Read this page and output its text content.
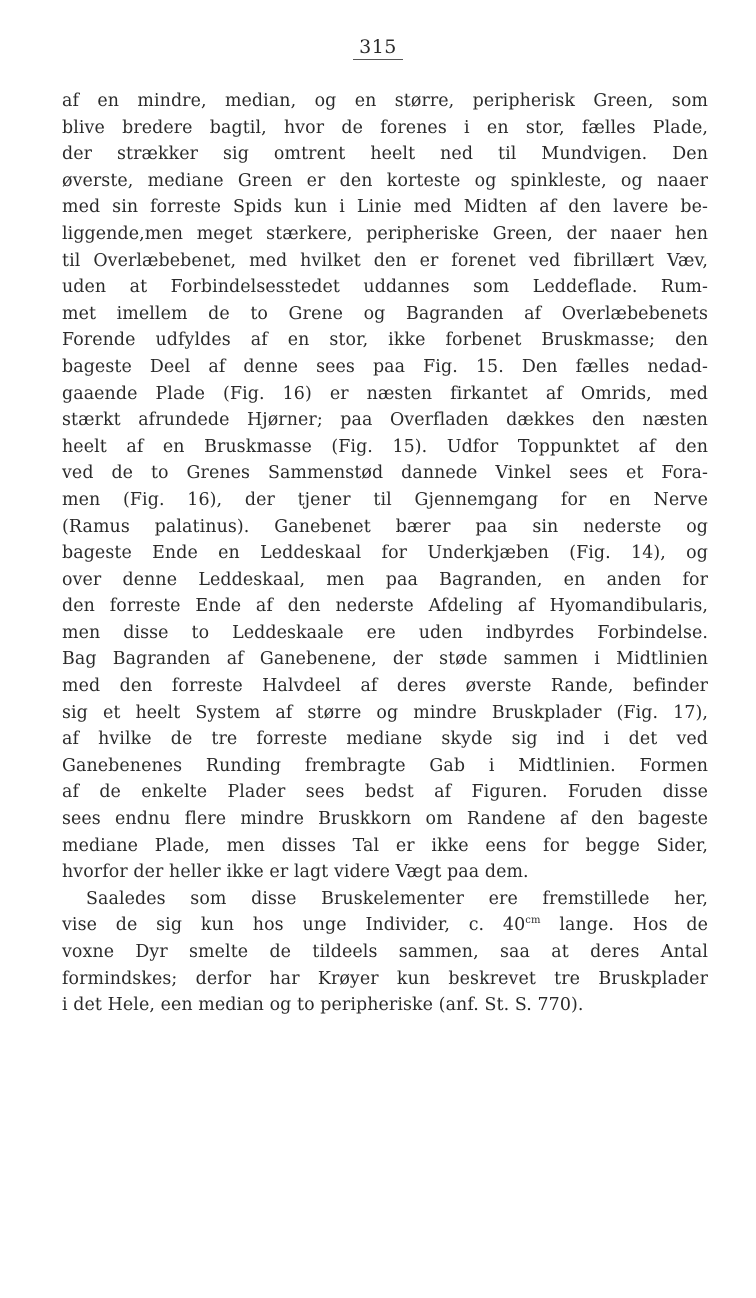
315
af en mindre, median, og en større, peripherisk Green, som
blive bredere bagtil, hvor de forenes i en stor, fælles Plade,
der strækker sig omtrent heelt ned til Mundvigen. Den
øverste, mediane Green er den korteste og spinkleste, og naaer
med sin forreste Spids kun i Linie med Midten af den lavere be-
liggende,men meget stærkere, peripheriske Green, der naaer hen
til Overlæbebenet, med hvilket den er forenet ved fibrillært Væv,
uden at Forbindelsesstedet uddannes som Leddeflade. Rum-
met imellem de to Grene og Bagranden af Overlæbebenets
Forende udfyldes af en stor, ikke forbenet Bruskmasse; den
bageste Deel af denne sees paa Fig. 15. Den fælles nedad-
gaaende Plade (Fig. 16) er næsten firkantet af Omrids, med
stærkt afrundede Hjørner; paa Overfladen dækkes den næsten
heelt af en Bruskmasse (Fig. 15). Udfor Toppunktet af den
ved de to Grenes Sammenstød dannede Vinkel sees et Fora-
men (Fig. 16), der tjener til Gjennemgang for en Nerve
(Ramus palatinus). Ganebenet bærer paa sin nederste og
bageste Ende en Leddeskaal for Underkjæben (Fig. 14), og
over denne Leddeskaal, men paa Bagranden, en anden for
den forreste Ende af den nederste Afdeling af Hyomandibularis,
men disse to Leddeskaale ere uden indbyrdes Forbindelse.
Bag Bagranden af Ganebenene, der støde sammen i Midtlinien
med den forreste Halvdeel af deres øverste Rande, befinder
sig et heelt System af større og mindre Bruskplader (Fig. 17),
af hvilke de tre forreste mediane skyde sig ind i det ved
Ganebenenes Runding frembragte Gab i Midtlinien. Formen
af de enkelte Plader sees bedst af Figuren. Foruden disse
sees endnu flere mindre Bruskkorn om Randene af den bageste
mediane Plade, men disses Tal er ikke eens for begge Sider,
hvorfor der heller ikke er lagt videre Vægt paa dem.
Saaledes som disse Bruskelementer ere fremstillede her,
vise de sig kun hos unge Individer, c. $40^{cm}$ lange. Hos de
voxne Dyr smelte de tildeels sammen, saa at deres Antal
formindskes; derfor har Krøyer kun beskrevet tre Bruskplader
i det Hele, een median og to peripheriske (anf. St. S. 770).
